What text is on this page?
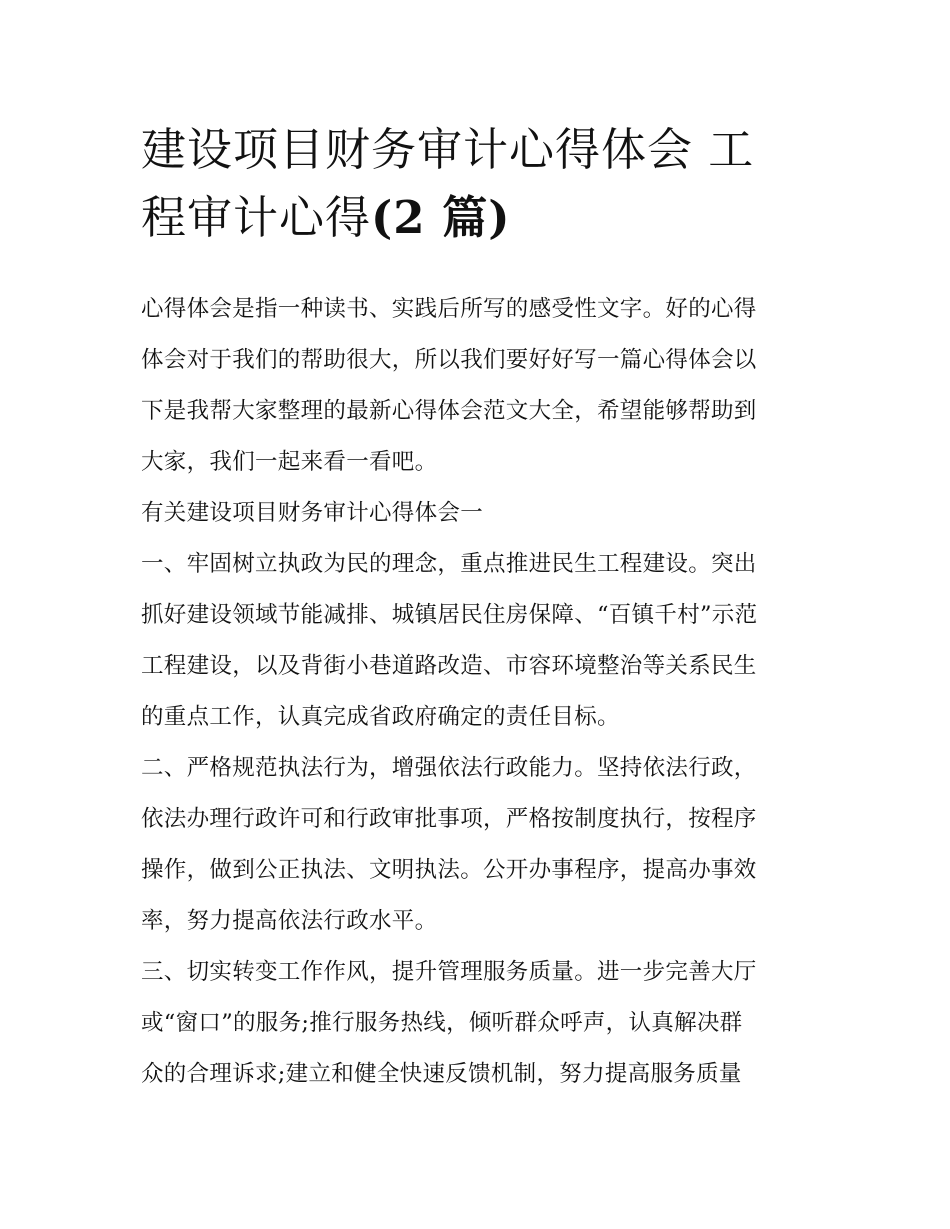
建设项目财务审计心得体会 工
程审计心得(2 篇)
心得体会是指一种读书、实践后所写的感受性文字。好的心得
体会对于我们的帮助很大，所以我们要好好写一篇心得体会以
下是我帮大家整理的最新心得体会范文大全，希望能够帮助到
大家，我们一起来看一看吧。
有关建设项目财务审计心得体会一
一、牢固树立执政为民的理念，重点推进民生工程建设。突出
抓好建设领域节能减排、城镇居民住房保障、“百镇千村”示范
工程建设，以及背街小巷道路改造、市容环境整治等关系民生
的重点工作，认真完成省政府确定的责任目标。
二、严格规范执法行为，增强依法行政能力。坚持依法行政，
依法办理行政许可和行政审批事项，严格按制度执行，按程序
操作，做到公正执法、文明执法。公开办事程序，提高办事效
率，努力提高依法行政水平。
三、切实转变工作作风，提升管理服务质量。进一步完善大厅
或“窗口”的服务;推行服务热线，倾听群众呼声，认真解决群
众的合理诉求;建立和健全快速反馈机制，努力提高服务质量
